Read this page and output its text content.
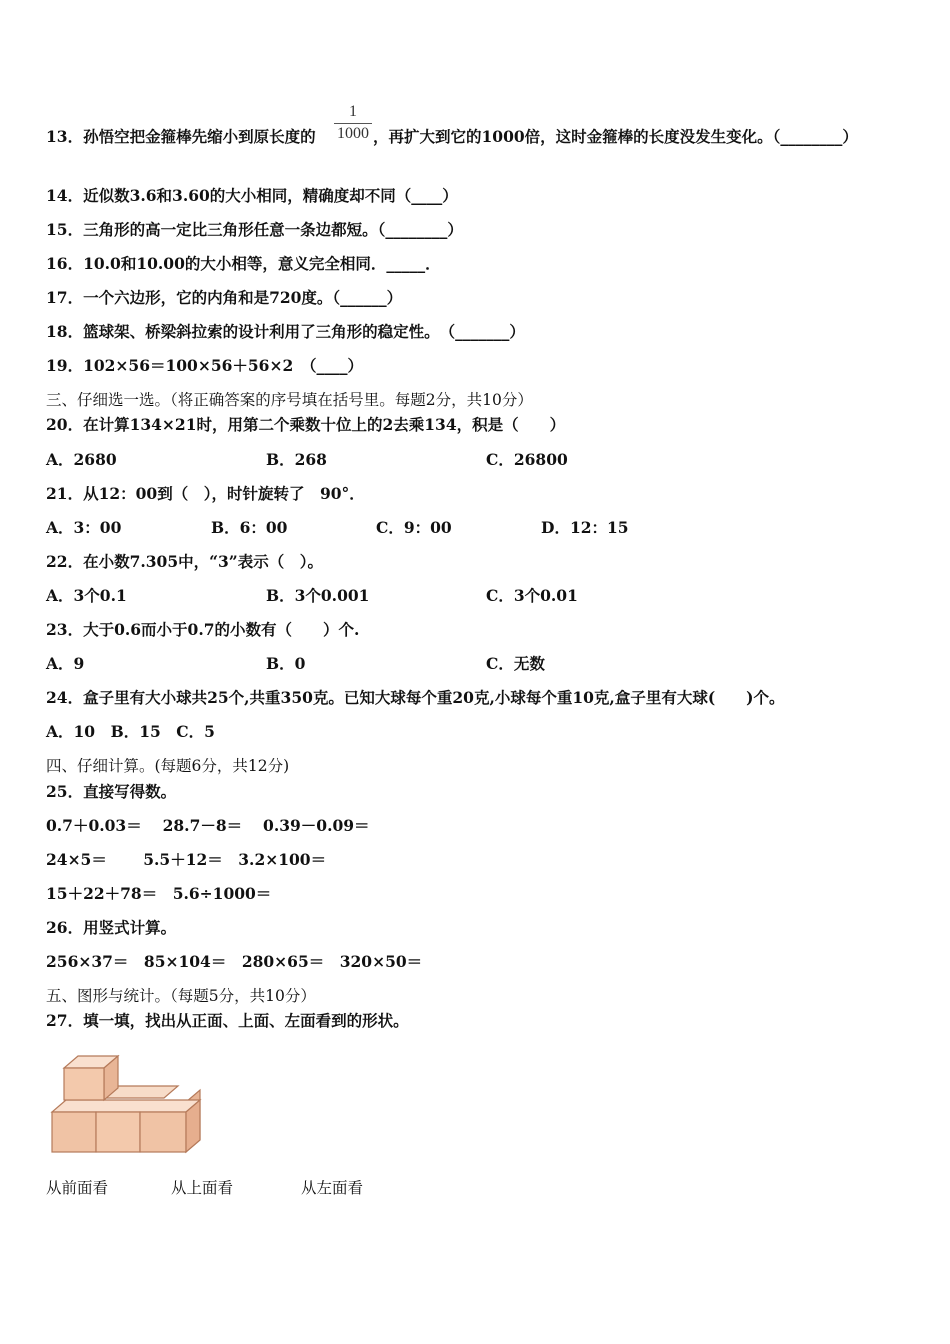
13．孙悟空把金箍棒先缩小到原长度的
1
1000 ，再扩大到它的1000倍，这时金箍棒的长度没发生变化。（________）
14．近似数3.6和3.60的大小相同，精确度却不同（____）
15．三角形的高一定比三角形任意一条边都短。（________）
16．10.0和10.00的大小相等，意义完全相同．_____．
17．一个六边形，它的内角和是720度。（______）
18．篮球架、桥梁斜拉索的设计利用了三角形的稳定性。　（_______）
19．102×56＝100×56＋56×2　（____）
三、仔细选一选。（将正确答案的序号填在括号里。每题2分，共10分）
20．在计算134×21时，用第二个乘数十位上的2去乘134，积是（　　）
A．2680	B．268	C．26800
21．从12：00到（　），时针旋转了　90°．
A．3：00	B．6：00	C．9：00	D．12：15
22．在小数7.305中，“3”表示（　）。
A．3个0.1	B．3个0.001	C．3个0.01
23．大于0.6而小于0.7的小数有（　　）个.
A．9	B．0	C．无数
24．盒子里有大小球共25个,共重350克。已知大球每个重20克,小球每个重10克,盒子里有大球(　　)个。
A．10　B．15　C．5
四、仔细计算。(每题6分，共12分)
25．直接写得数。
0.7＋0.03＝　 28.7－8＝　 0.39－0.09＝
24×5＝　　 5.5＋12＝　3.2×100＝
15＋22＋78＝　5.6÷1000＝
26．用竖式计算。
256×37＝　85×104＝　280×65＝　320×50＝
五、图形与统计。（每题5分，共10分）
27．填一填，找出从正面、上面、左面看到的形状。
从前面看	从上面看	从左面看
